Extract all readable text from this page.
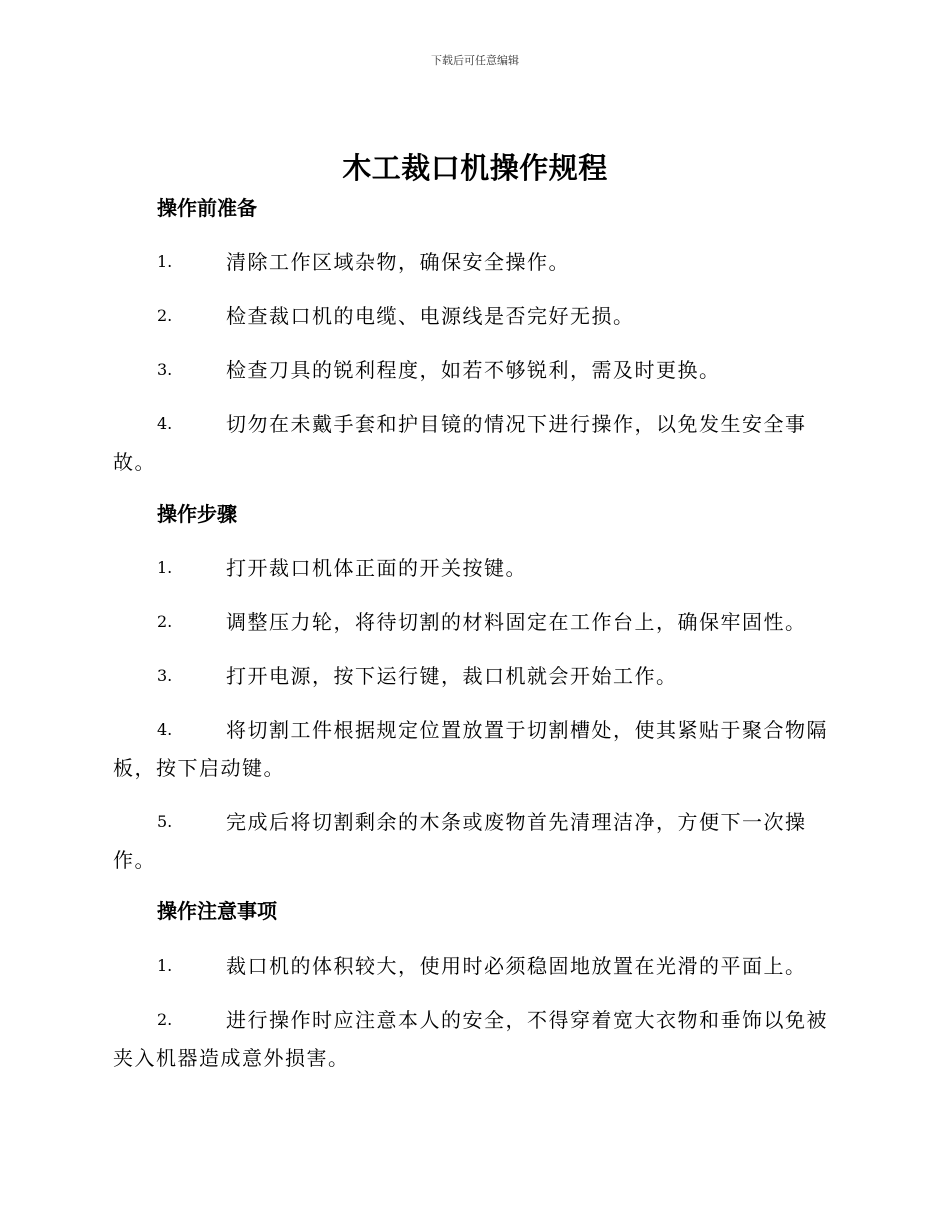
下载后可任意编辑
木工裁口机操作规程
操作前准备
1.	清除工作区域杂物，确保安全操作。
2.	检查裁口机的电缆、电源线是否完好无损。
3.	检查刀具的锐利程度，如若不够锐利，需及时更换。
4.	切勿在未戴手套和护目镜的情况下进行操作，以免发生安全事
故。
操作步骤
1.	打开裁口机体正面的开关按键。
2.	调整压力轮，将待切割的材料固定在工作台上，确保牢固性。
3.	打开电源，按下运行键，裁口机就会开始工作。
4.	将切割工件根据规定位置放置于切割槽处，使其紧贴于聚合物隔
板，按下启动键。
5.	完成后将切割剩余的木条或废物首先清理洁净，方便下一次操
作。
操作注意事项
1.	裁口机的体积较大，使用时必须稳固地放置在光滑的平面上。
2.	进行操作时应注意本人的安全，不得穿着宽大衣物和垂饰以免被
夹入机器造成意外损害。
